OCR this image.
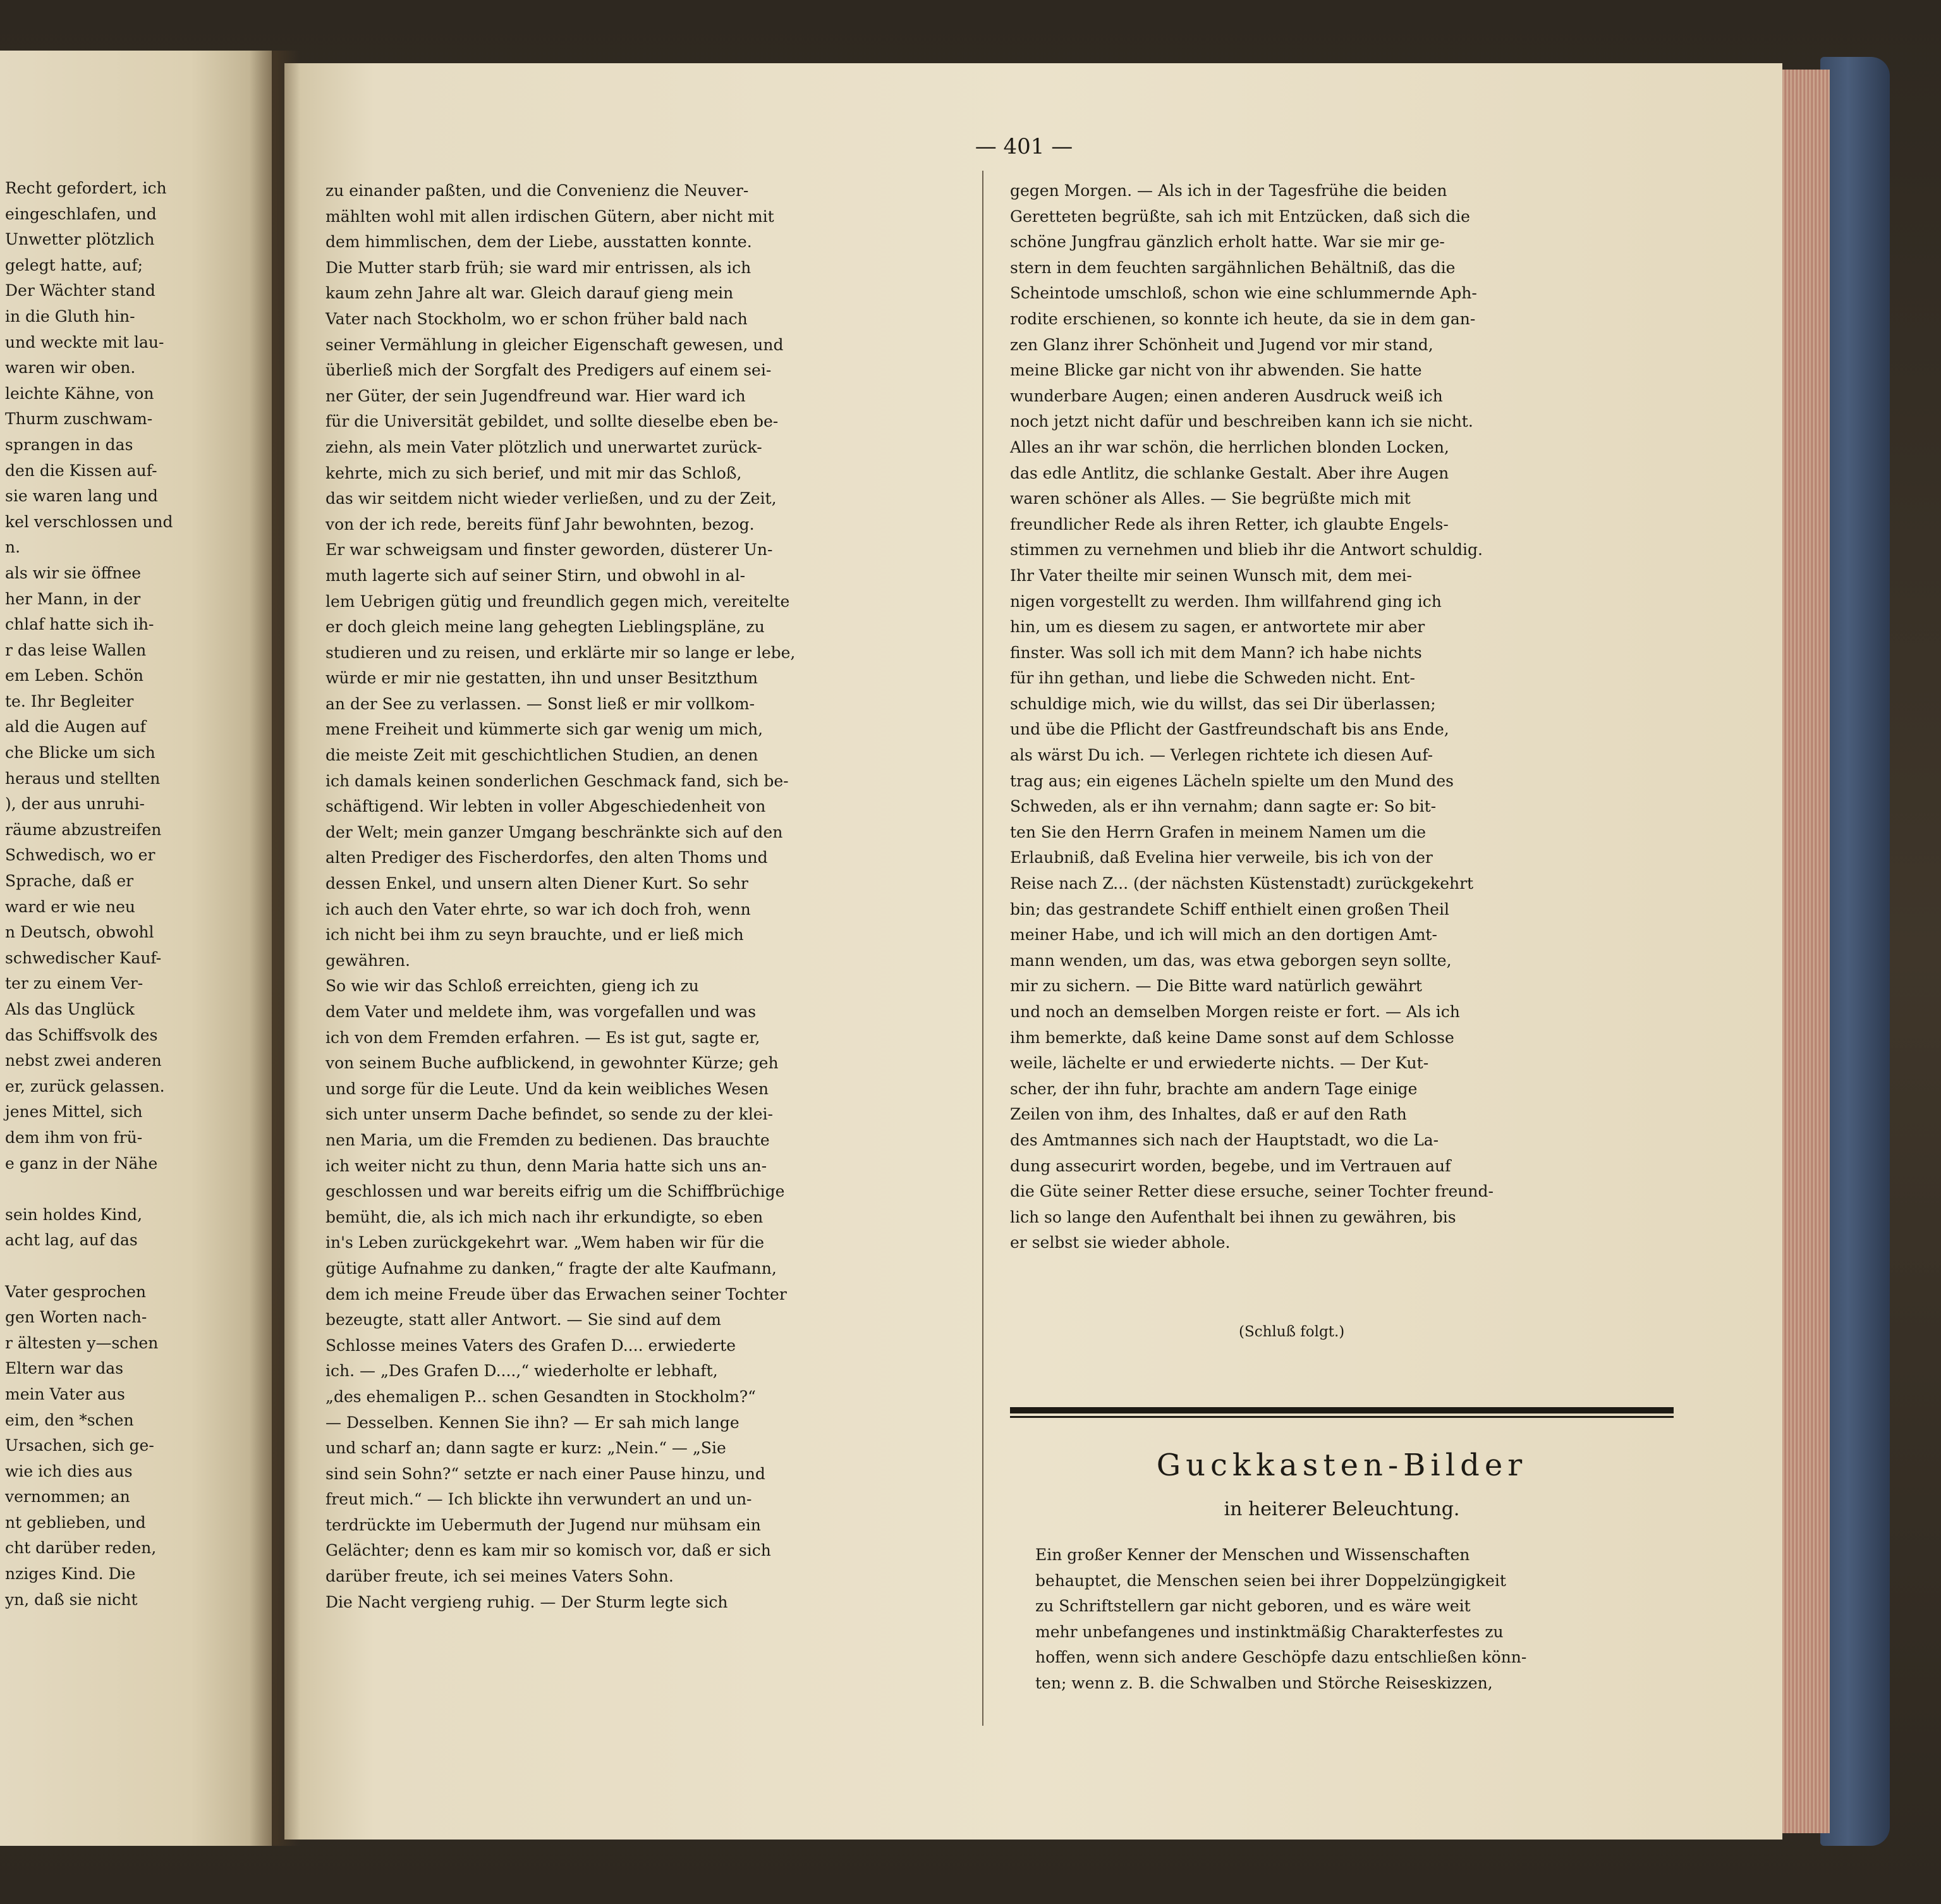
Recht gefordert, ich
eingeschlafen, und
Unwetter plötzlich
gelegt hatte, auf;
Der Wächter stand
in die Gluth hin-
und weckte mit lau-
waren wir oben.
leichte Kähne, von
Thurm zuschwam-
sprangen in das
den die Kissen auf-
sie waren lang und
kel verschlossen und
n.
als wir sie öffnee
her Mann, in der
chlaf hatte sich ih-
r das leise Wallen
em Leben. Schön
te. Ihr Begleiter
ald die Augen auf
che Blicke um sich
heraus und stellten
), der aus unruhi-
räume abzustreifen
Schwedisch, wo er
Sprache, daß er
ward er wie neu
n Deutsch, obwohl
schwedischer Kauf-
ter zu einem Ver-
Als das Unglück
das Schiffsvolk des
nebst zwei anderen
er, zurück gelassen.
jenes Mittel, sich
dem ihm von frü-
e ganz in der Nähe
sein holdes Kind,
acht lag, auf das
Vater gesprochen
gen Worten nach-
r ältesten y—schen
Eltern war das
mein Vater aus
eim, den *schen
Ursachen, sich ge-
wie ich dies aus
vernommen; an
nt geblieben, und
cht darüber reden,
nziges Kind. Die
yn, daß sie nicht
— 401 —
zu einander paßten, und die Convenienz die Neuver-
mählten wohl mit allen irdischen Gütern, aber nicht mit
dem himmlischen, dem der Liebe, ausstatten konnte.
Die Mutter starb früh; sie ward mir entrissen, als ich
kaum zehn Jahre alt war. Gleich darauf gieng mein
Vater nach Stockholm, wo er schon früher bald nach
seiner Vermählung in gleicher Eigenschaft gewesen, und
überließ mich der Sorgfalt des Predigers auf einem sei-
ner Güter, der sein Jugendfreund war. Hier ward ich
für die Universität gebildet, und sollte dieselbe eben be-
ziehn, als mein Vater plötzlich und unerwartet zurück-
kehrte, mich zu sich berief, und mit mir das Schloß,
das wir seitdem nicht wieder verließen, und zu der Zeit,
von der ich rede, bereits fünf Jahr bewohnten, bezog.
Er war schweigsam und finster geworden, düsterer Un-
muth lagerte sich auf seiner Stirn, und obwohl in al-
lem Uebrigen gütig und freundlich gegen mich, vereitelte
er doch gleich meine lang gehegten Lieblingspläne, zu
studieren und zu reisen, und erklärte mir so lange er lebe,
würde er mir nie gestatten, ihn und unser Besitzthum
an der See zu verlassen. — Sonst ließ er mir vollkom-
mene Freiheit und kümmerte sich gar wenig um mich,
die meiste Zeit mit geschichtlichen Studien, an denen
ich damals keinen sonderlichen Geschmack fand, sich be-
schäftigend. Wir lebten in voller Abgeschiedenheit von
der Welt; mein ganzer Umgang beschränkte sich auf den
alten Prediger des Fischerdorfes, den alten Thoms und
dessen Enkel, und unsern alten Diener Kurt. So sehr
ich auch den Vater ehrte, so war ich doch froh, wenn
ich nicht bei ihm zu seyn brauchte, und er ließ mich
gewähren.
So wie wir das Schloß erreichten, gieng ich zu
dem Vater und meldete ihm, was vorgefallen und was
ich von dem Fremden erfahren. — Es ist gut, sagte er,
von seinem Buche aufblickend, in gewohnter Kürze; geh
und sorge für die Leute. Und da kein weibliches Wesen
sich unter unserm Dache befindet, so sende zu der klei-
nen Maria, um die Fremden zu bedienen. Das brauchte
ich weiter nicht zu thun, denn Maria hatte sich uns an-
geschlossen und war bereits eifrig um die Schiffbrüchige
bemüht, die, als ich mich nach ihr erkundigte, so eben
in's Leben zurückgekehrt war. „Wem haben wir für die
gütige Aufnahme zu danken,“ fragte der alte Kaufmann,
dem ich meine Freude über das Erwachen seiner Tochter
bezeugte, statt aller Antwort. — Sie sind auf dem
Schlosse meines Vaters des Grafen D.... erwiederte
ich. — „Des Grafen D....,“ wiederholte er lebhaft,
„des ehemaligen P... schen Gesandten in Stockholm?“
— Desselben. Kennen Sie ihn? — Er sah mich lange
und scharf an; dann sagte er kurz: „Nein.“ — „Sie
sind sein Sohn?“ setzte er nach einer Pause hinzu, und
freut mich.“ — Ich blickte ihn verwundert an und un-
terdrückte im Uebermuth der Jugend nur mühsam ein
Gelächter; denn es kam mir so komisch vor, daß er sich
darüber freute, ich sei meines Vaters Sohn.
Die Nacht vergieng ruhig. — Der Sturm legte sich
gegen Morgen. — Als ich in der Tagesfrühe die beiden
Geretteten begrüßte, sah ich mit Entzücken, daß sich die
schöne Jungfrau gänzlich erholt hatte. War sie mir ge-
stern in dem feuchten sargähnlichen Behältniß, das die
Scheintode umschloß, schon wie eine schlummernde Aph-
rodite erschienen, so konnte ich heute, da sie in dem gan-
zen Glanz ihrer Schönheit und Jugend vor mir stand,
meine Blicke gar nicht von ihr abwenden. Sie hatte
wunderbare Augen; einen anderen Ausdruck weiß ich
noch jetzt nicht dafür und beschreiben kann ich sie nicht.
Alles an ihr war schön, die herrlichen blonden Locken,
das edle Antlitz, die schlanke Gestalt. Aber ihre Augen
waren schöner als Alles. — Sie begrüßte mich mit
freundlicher Rede als ihren Retter, ich glaubte Engels-
stimmen zu vernehmen und blieb ihr die Antwort schuldig.
Ihr Vater theilte mir seinen Wunsch mit, dem mei-
nigen vorgestellt zu werden. Ihm willfahrend ging ich
hin, um es diesem zu sagen, er antwortete mir aber
finster. Was soll ich mit dem Mann? ich habe nichts
für ihn gethan, und liebe die Schweden nicht. Ent-
schuldige mich, wie du willst, das sei Dir überlassen;
und übe die Pflicht der Gastfreundschaft bis ans Ende,
als wärst Du ich. — Verlegen richtete ich diesen Auf-
trag aus; ein eigenes Lächeln spielte um den Mund des
Schweden, als er ihn vernahm; dann sagte er: So bit-
ten Sie den Herrn Grafen in meinem Namen um die
Erlaubniß, daß Evelina hier verweile, bis ich von der
Reise nach Z... (der nächsten Küstenstadt) zurückgekehrt
bin; das gestrandete Schiff enthielt einen großen Theil
meiner Habe, und ich will mich an den dortigen Amt-
mann wenden, um das, was etwa geborgen seyn sollte,
mir zu sichern. — Die Bitte ward natürlich gewährt
und noch an demselben Morgen reiste er fort. — Als ich
ihm bemerkte, daß keine Dame sonst auf dem Schlosse
weile, lächelte er und erwiederte nichts. — Der Kut-
scher, der ihn fuhr, brachte am andern Tage einige
Zeilen von ihm, des Inhaltes, daß er auf den Rath
des Amtmannes sich nach der Hauptstadt, wo die La-
dung assecurirt worden, begebe, und im Vertrauen auf
die Güte seiner Retter diese ersuche, seiner Tochter freund-
lich so lange den Aufenthalt bei ihnen zu gewähren, bis
er selbst sie wieder abhole.
(Schluß folgt.)
Guckkasten-Bilder
in heiterer Beleuchtung.
Ein großer Kenner der Menschen und Wissenschaften
behauptet, die Menschen seien bei ihrer Doppelzüngigkeit
zu Schriftstellern gar nicht geboren, und es wäre weit
mehr unbefangenes und instinktmäßig Charakterfestes zu
hoffen, wenn sich andere Geschöpfe dazu entschließen könn-
ten; wenn z. B. die Schwalben und Störche Reiseskizzen,
